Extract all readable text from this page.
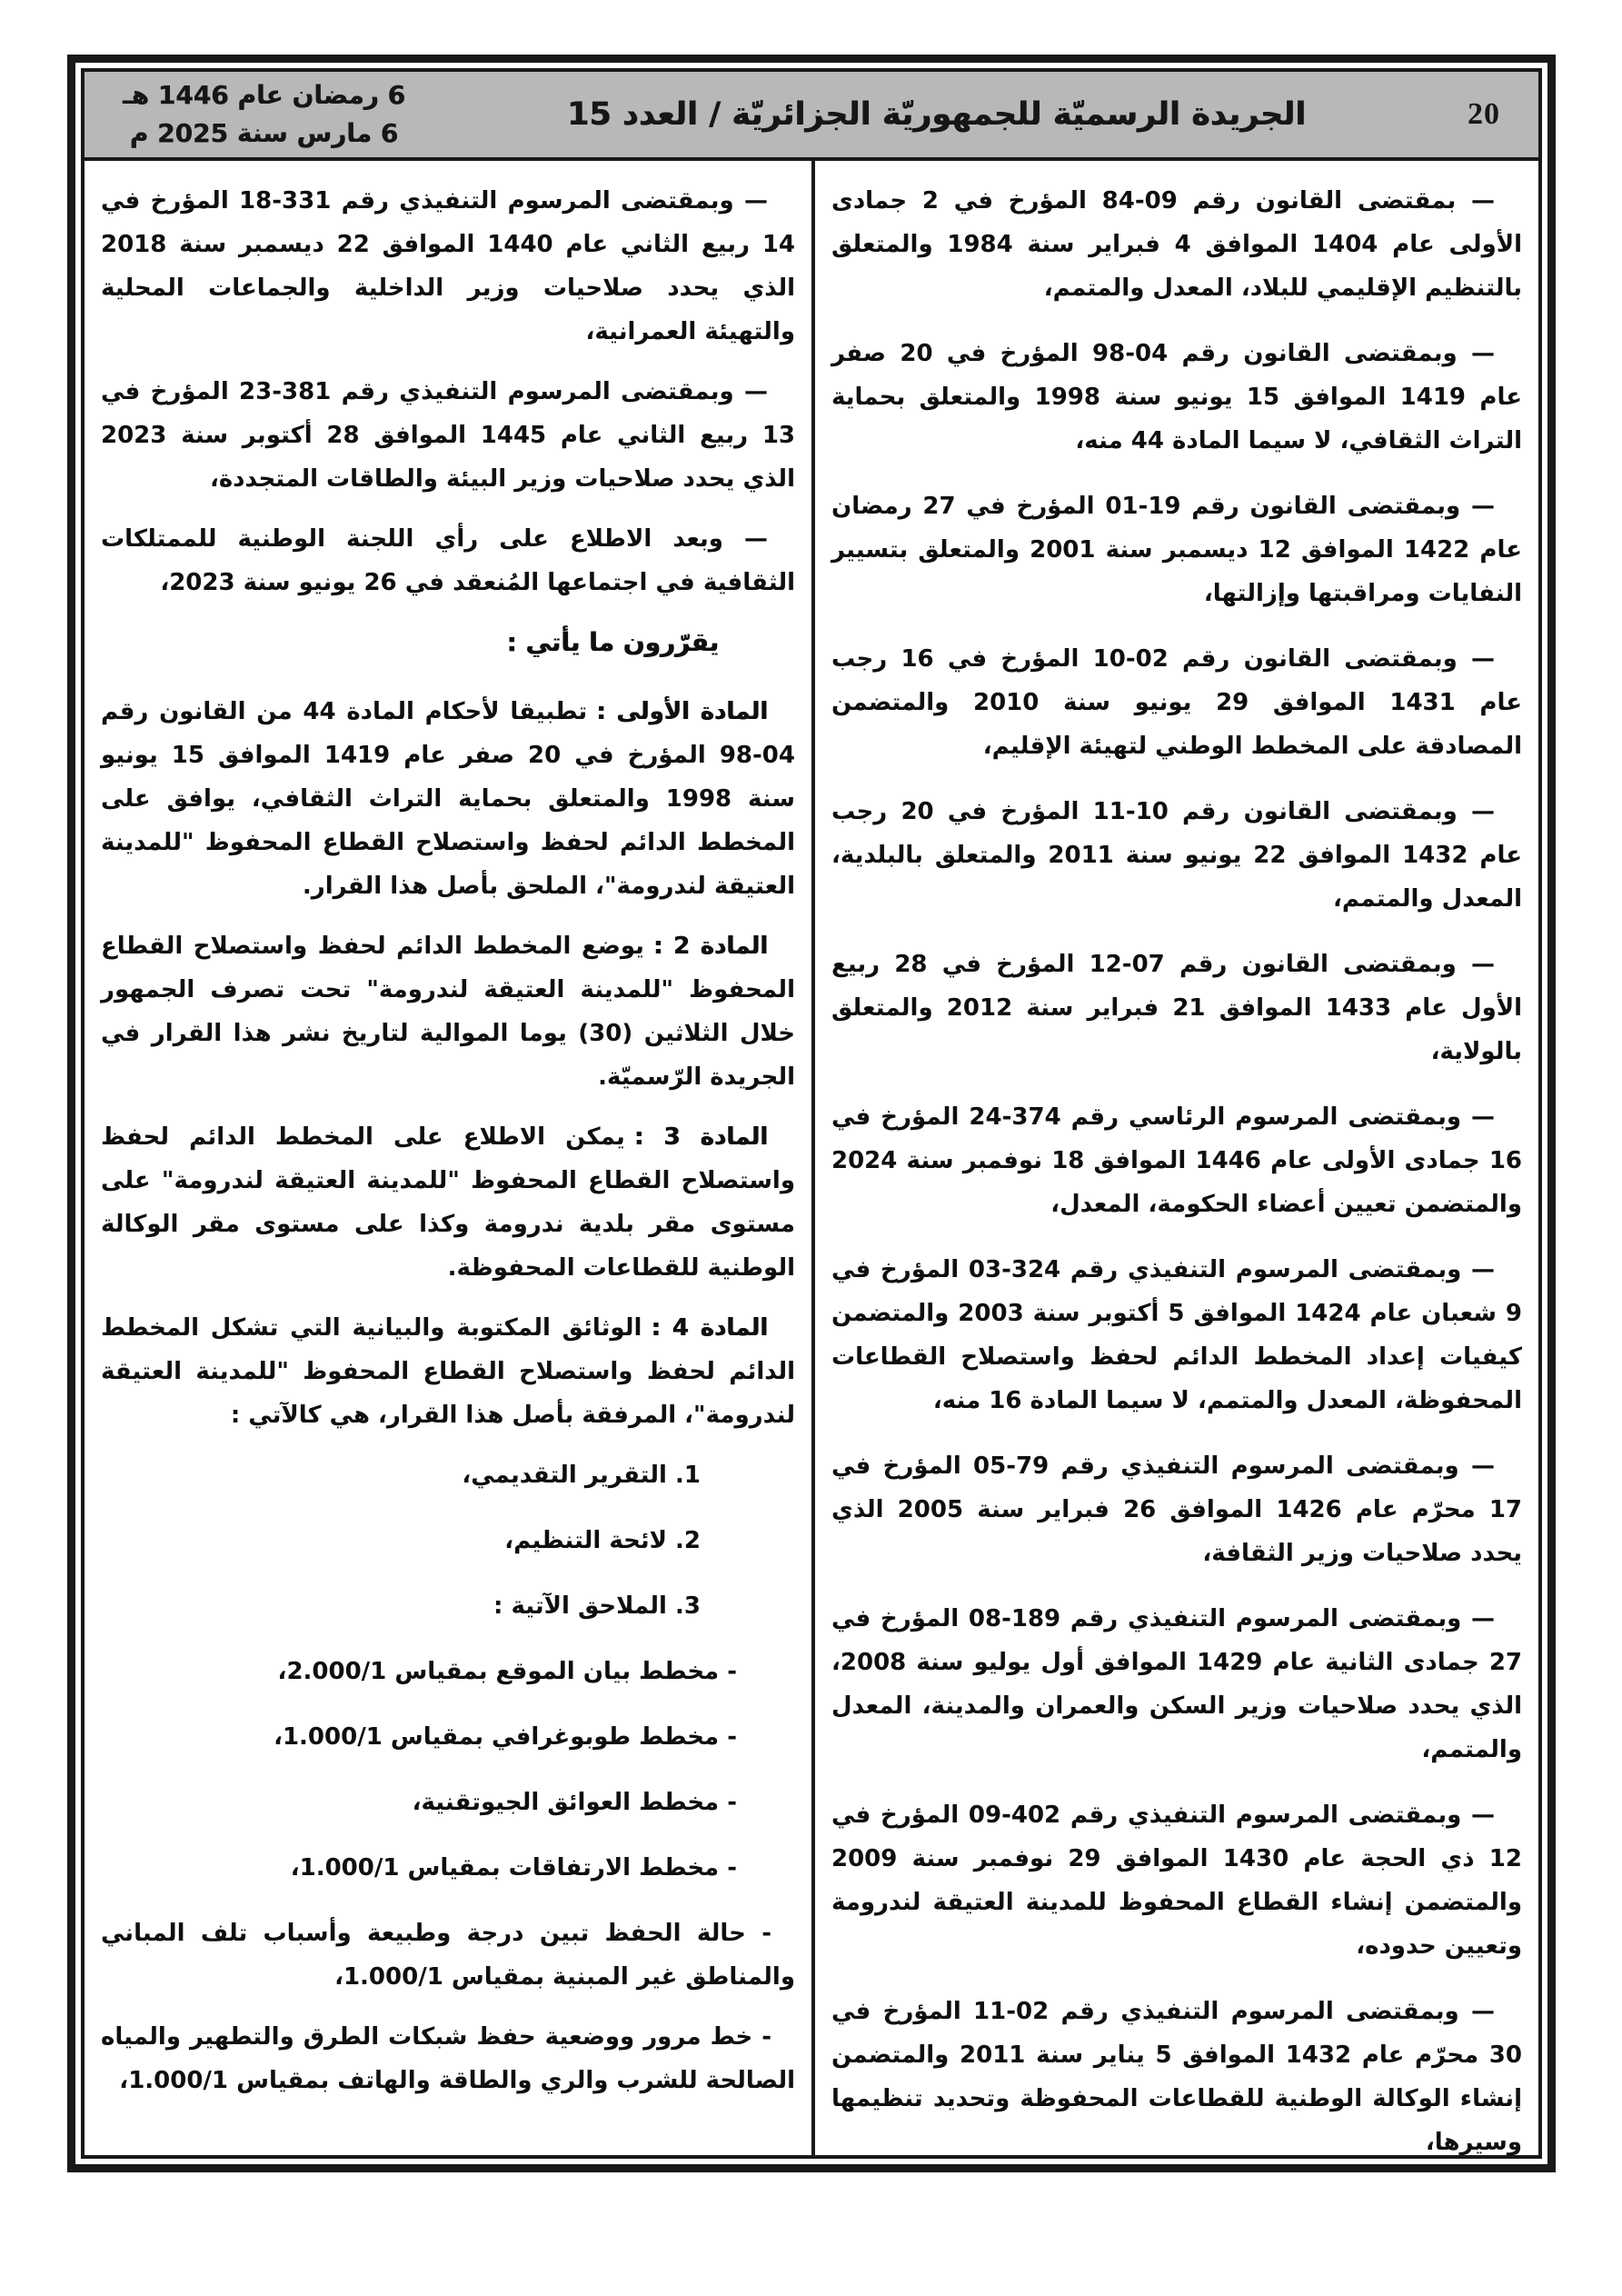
20
الجريدة الرسميّة للجمهوريّة الجزائريّة / العدد 15
6 رمضان عام 1446 هـ
6 مارس سنة 2025 م

— بمقتضى القانون رقم 09-84 المؤرخ في 2 جمادى الأولى عام 1404 الموافق 4 فبراير سنة 1984 والمتعلق بالتنظيم الإقليمي للبلاد، المعدل والمتمم،

— وبمقتضى القانون رقم 04-98 المؤرخ في 20 صفر عام 1419 الموافق 15 يونيو سنة 1998 والمتعلق بحماية التراث الثقافي، لا سيما المادة 44 منه،

— وبمقتضى القانون رقم 19-01 المؤرخ في 27 رمضان عام 1422 الموافق 12 ديسمبر سنة 2001 والمتعلق بتسيير النفايات ومراقبتها وإزالتها،

— وبمقتضى القانون رقم 02-10 المؤرخ في 16 رجب عام 1431 الموافق 29 يونيو سنة 2010 والمتضمن المصادقة على المخطط الوطني لتهيئة الإقليم،

— وبمقتضى القانون رقم 10-11 المؤرخ في 20 رجب عام 1432 الموافق 22 يونيو سنة 2011 والمتعلق بالبلدية، المعدل والمتمم،

— وبمقتضى القانون رقم 07-12 المؤرخ في 28 ربيع الأول عام 1433 الموافق 21 فبراير سنة 2012 والمتعلق بالولاية،

— وبمقتضى المرسوم الرئاسي رقم 374-24 المؤرخ في 16 جمادى الأولى عام 1446 الموافق 18 نوفمبر سنة 2024 والمتضمن تعيين أعضاء الحكومة، المعدل،

— وبمقتضى المرسوم التنفيذي رقم 324-03 المؤرخ في 9 شعبان عام 1424 الموافق 5 أكتوبر سنة 2003 والمتضمن كيفيات إعداد المخطط الدائم لحفظ واستصلاح القطاعات المحفوظة، المعدل والمتمم، لا سيما المادة 16 منه،

— وبمقتضى المرسوم التنفيذي رقم 79-05 المؤرخ في 17 محرّم عام 1426 الموافق 26 فبراير سنة 2005 الذي يحدد صلاحيات وزير الثقافة،

— وبمقتضى المرسوم التنفيذي رقم 189-08 المؤرخ في 27 جمادى الثانية عام 1429 الموافق أول يوليو سنة 2008، الذي يحدد صلاحيات وزير السكن والعمران والمدينة، المعدل والمتمم،

— وبمقتضى المرسوم التنفيذي رقم 402-09 المؤرخ في 12 ذي الحجة عام 1430 الموافق 29 نوفمبر سنة 2009 والمتضمن إنشاء القطاع المحفوظ للمدينة العتيقة لندرومة وتعيين حدوده،

— وبمقتضى المرسوم التنفيذي رقم 02-11 المؤرخ في 30 محرّم عام 1432 الموافق 5 يناير سنة 2011 والمتضمن إنشاء الوكالة الوطنية للقطاعات المحفوظة وتحديد تنظيمها وسيرها،

— وبمقتضى المرسوم التنفيذي رقم 331-18 المؤرخ في 14 ربيع الثاني عام 1440 الموافق 22 ديسمبر سنة 2018 الذي يحدد صلاحيات وزير الداخلية والجماعات المحلية والتهيئة العمرانية،

— وبمقتضى المرسوم التنفيذي رقم 381-23 المؤرخ في 13 ربيع الثاني عام 1445 الموافق 28 أكتوبر سنة 2023 الذي يحدد صلاحيات وزير البيئة والطاقات المتجددة،

— وبعد الاطلاع على رأي اللجنة الوطنية للممتلكات الثقافية في اجتماعها المُنعقد في 26 يونيو سنة 2023،

يقرّرون ما يأتي :

المادة الأولى :تطبيقا لأحكام المادة 44 من القانون رقم 04-98 المؤرخ في 20 صفر عام 1419 الموافق 15 يونيو سنة 1998 والمتعلق بحماية التراث الثقافي، يوافق على المخطط الدائم لحفظ واستصلاح القطاع المحفوظ "للمدينة العتيقة لندرومة"، الملحق بأصل هذا القرار.

المادة 2 :يوضع المخطط الدائم لحفظ واستصلاح القطاع المحفوظ "للمدينة العتيقة لندرومة" تحت تصرف الجمهور خلال الثلاثين (30) يوما الموالية لتاريخ نشر هذا القرار في الجريدة الرّسميّة.

المادة 3 :يمكن الاطلاع على المخطط الدائم لحفظ واستصلاح القطاع المحفوظ "للمدينة العتيقة لندرومة" على مستوى مقر بلدية ندرومة وكذا على مستوى مقر الوكالة الوطنية للقطاعات المحفوظة.

المادة 4 :الوثائق المكتوبة والبيانية التي تشكل المخطط الدائم لحفظ واستصلاح القطاع المحفوظ "للمدينة العتيقة لندرومة"، المرفقة بأصل هذا القرار، هي كالآتي :

1. التقرير التقديمي،

2. لائحة التنظيم،

3. الملاحق الآتية :

- مخطط بيان الموقع بمقياس 2.000/1،

- مخطط طوبوغرافي بمقياس 1.000/1،

- مخطط العوائق الجيوتقنية،

- مخطط الارتفاقات بمقياس 1.000/1،

- حالة الحفظ تبين درجة وطبيعة وأسباب تلف المباني والمناطق غير المبنية بمقياس 1.000/1،

- خط مرور ووضعية حفظ شبكات الطرق والتطهير والمياه الصالحة للشرب والري والطاقة والهاتف بمقياس 1.000/1،
